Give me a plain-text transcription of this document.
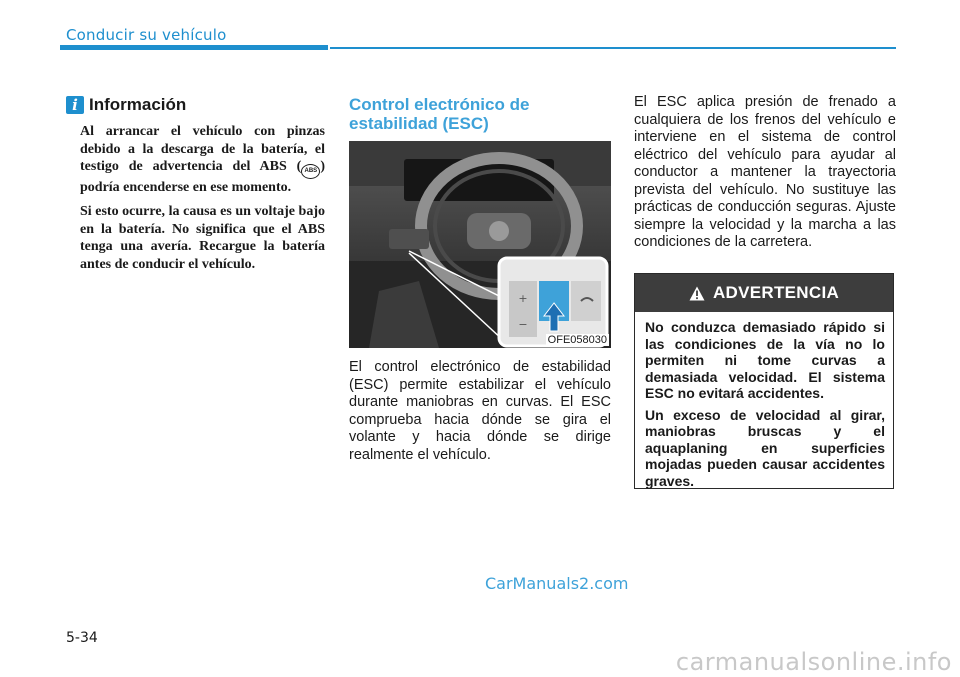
Conducir su vehículo
i Información

Al arrancar el vehículo con pinzas debido a la descarga de la batería, el testigo de advertencia del ABS ( ABS ) podría encenderse en ese momento.

Si esto ocurre, la causa es un voltaje bajo en la batería. No significa que el ABS tenga una avería. Recargue la batería antes de conducir el vehículo.

Control electrónico de estabilidad (ESC)
+
−
OFE058030
El control electrónico de estabilidad (ESC) permite estabilizar el vehículo durante maniobras en curvas. El ESC comprueba hacia dónde se gira el volante y hacia dónde se dirige realmente el vehículo.
El ESC aplica presión de frenado a cualquiera de los frenos del vehículo e interviene en el sistema de control eléctrico del vehículo para ayudar al conductor a mantener la trayectoria prevista del vehículo. No sustituye las prácticas de conducción seguras. Ajuste siempre la velocidad y la marcha a las condiciones de la carretera.
ADVERTENCIA

No conduzca demasiado rápido si las condiciones de la vía no lo permiten ni tome curvas a demasiada velocidad. El sistema ESC no evitará accidentes.

Un exceso de velocidad al girar, maniobras bruscas y el aquaplaning en superficies mojadas pueden causar accidentes graves.

CarManuals2.com
5-34
carmanualsonline.info
